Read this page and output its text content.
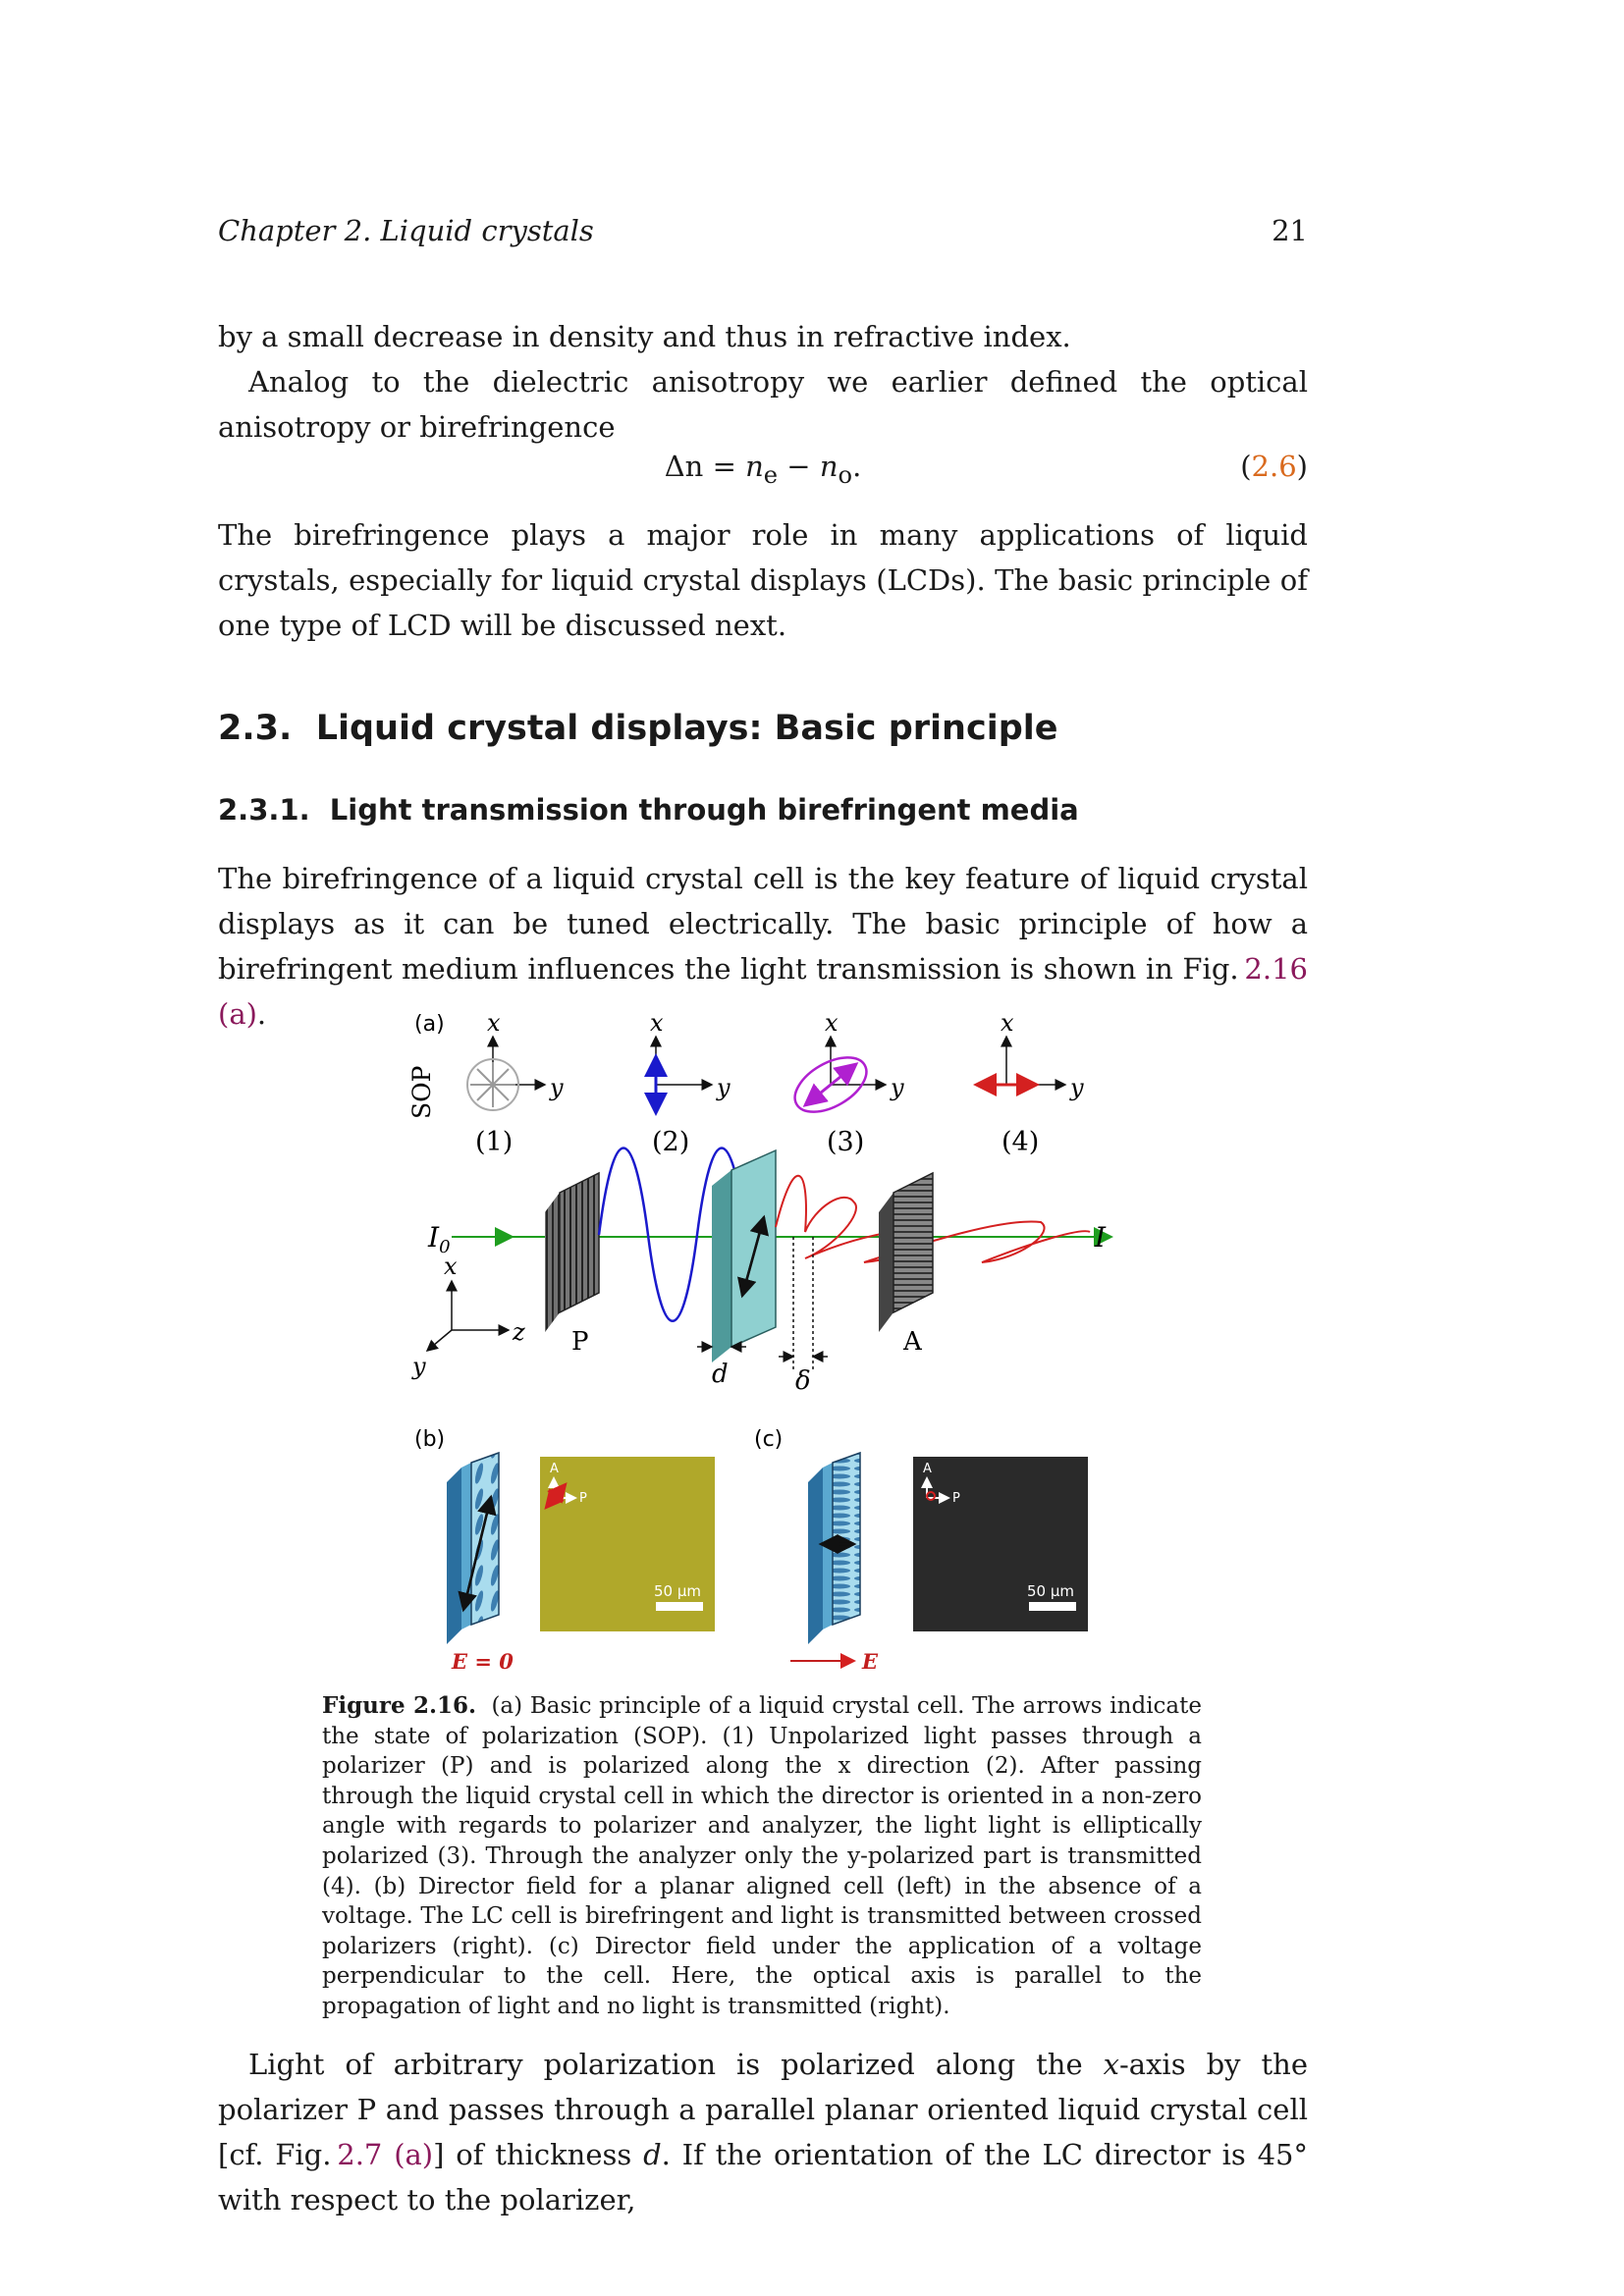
Chapter 2. Liquid crystals	21
by a small decrease in density and thus in refractive index.
Analog to the dielectric anisotropy we earlier defined the optical anisotropy or birefringence
$\Delta n = n_e - n_o$.	(2.6)
The birefringence plays a major role in many applications of liquid crystals, especially for liquid crystal displays (LCDs). The basic principle of one type of LCD will be discussed next.
2.3. Liquid crystal displays: Basic principle
2.3.1. Light transmission through birefringent media
The birefringence of a liquid crystal cell is the key feature of liquid crystal displays as it can be tuned electrically. The basic principle of how a birefringent medium influences the light transmission is shown in Fig.  2.16 (a).	(a)
(b)	(c)
SOP
x
y
(1)
x
y
(2)
x
y
(3)
x
y
(4)
$I_0$	I
x
z
y
P	A
d	δ
A
P
50 µm
E = 0
A
P
50 µm
E
Figure 2.16. (a) Basic principle of a liquid crystal cell. The arrows indicate the state of polarization (SOP). (1) Unpolarized light passes through a polarizer (P) and is polarized along the x direction (2). After passing through the liquid crystal cell in which the director is oriented in a non-zero angle with regards to polarizer and analyzer, the light light is elliptically polarized (3). Through the analyzer only the y-polarized part is transmitted (4). (b) Director field for a planar aligned cell (left) in the absence of a voltage. The LC cell is birefringent and light is transmitted between crossed polarizers (right). (c) Director field under the application of a voltage perpendicular to the cell. Here, the optical axis is parallel to the propagation of light and no light is transmitted (right).
Light of arbitrary polarization is polarized along the x-axis by the polarizer P and passes through a parallel planar oriented liquid crystal cell [cf. Fig.  2.7 (a)] of thickness d. If the orientation of the LC director is 45° with respect to the polarizer,
